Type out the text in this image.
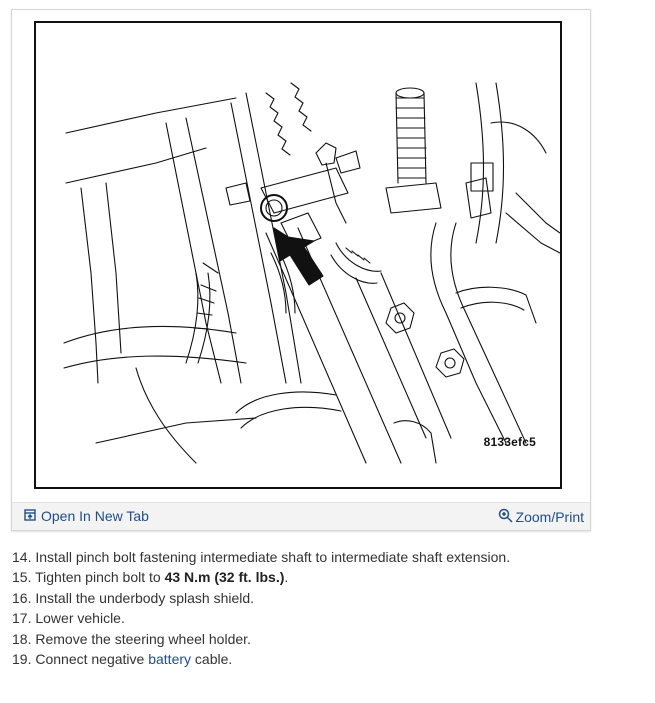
8133efc5
Open In New Tab	Zoom/Print
14. Install pinch bolt fastening intermediate shaft to intermediate shaft extension.
15. Tighten pinch bolt to 43 N.m (32 ft. lbs.).
16. Install the underbody splash shield.
17. Lower vehicle.
18. Remove the steering wheel holder.
19. Connect negative battery cable.
